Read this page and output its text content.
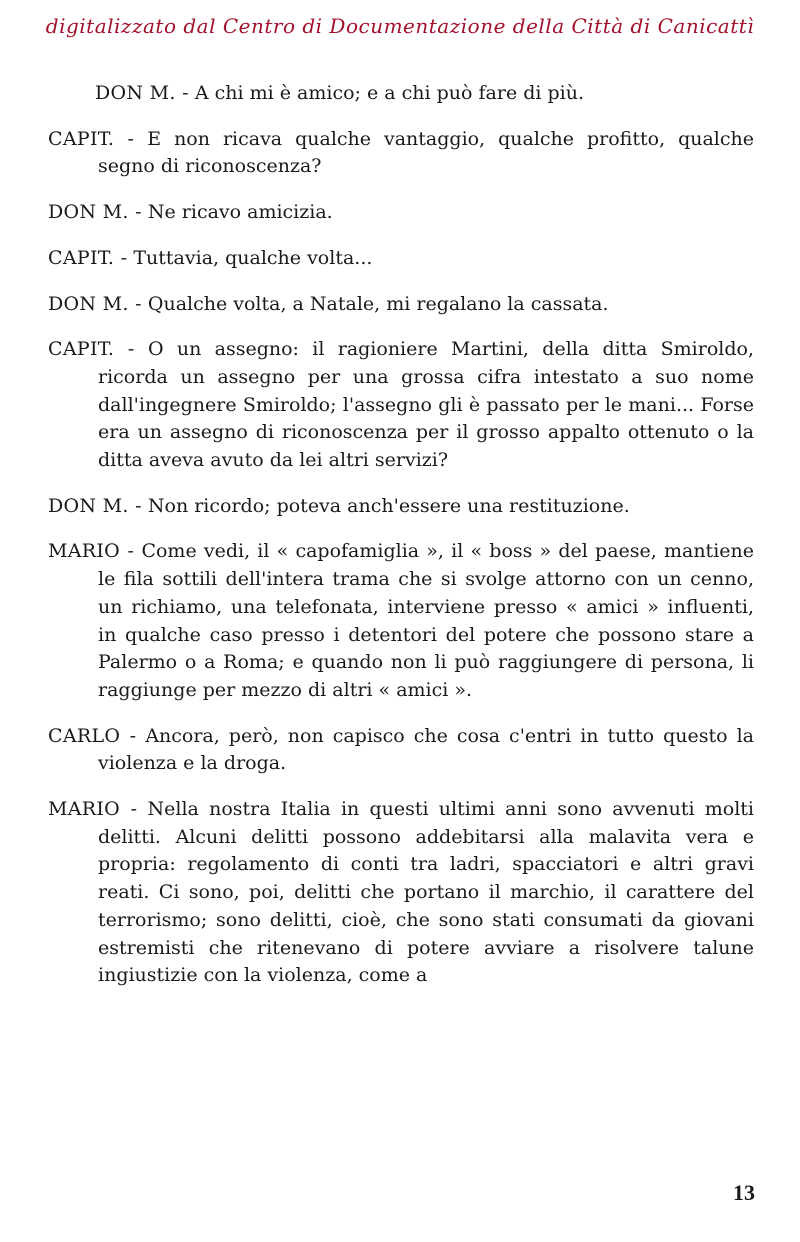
digitalizzato dal Centro di Documentazione della Città di Canicattì

DON M. - A chi mi è amico; e a chi può fare di più.

CAPIT. - E non ricava qualche vantaggio, qualche profitto, qualche segno di riconoscenza?

DON M. - Ne ricavo amicizia.

CAPIT. - Tuttavia, qualche volta...

DON M. - Qualche volta, a Natale, mi regalano la cassata.

CAPIT. - O un assegno: il ragioniere Martini, della ditta Smiroldo, ricorda un assegno per una grossa cifra intestato a suo nome dall'ingegnere Smiroldo; l'assegno gli è passato per le mani... Forse era un assegno di riconoscenza per il grosso appalto ottenuto o la ditta aveva avuto da lei altri servizi?

DON M. - Non ricordo; poteva anch'essere una restituzione.

MARIO - Come vedi, il « capofamiglia », il « boss » del paese, mantiene le fila sottili dell'intera trama che si svolge attorno con un cenno, un richiamo, una telefonata, interviene presso « amici » influenti, in qualche caso presso i detentori del potere che possono stare a Palermo o a Roma; e quando non li può raggiungere di persona, li raggiunge per mezzo di altri « amici ».

CARLO - Ancora, però, non capisco che cosa c'entri in tutto questo la violenza e la droga.

MARIO - Nella nostra Italia in questi ultimi anni sono avvenuti molti delitti. Alcuni delitti possono addebitarsi alla malavita vera e propria: regolamento di conti tra ladri, spacciatori e altri gravi reati. Ci sono, poi, delitti che portano il marchio, il carattere del terrorismo; sono delitti, cioè, che sono stati consumati da giovani estremisti che ritenevano di potere avviare a risolvere talune ingiustizie con la violenza, come a

13
